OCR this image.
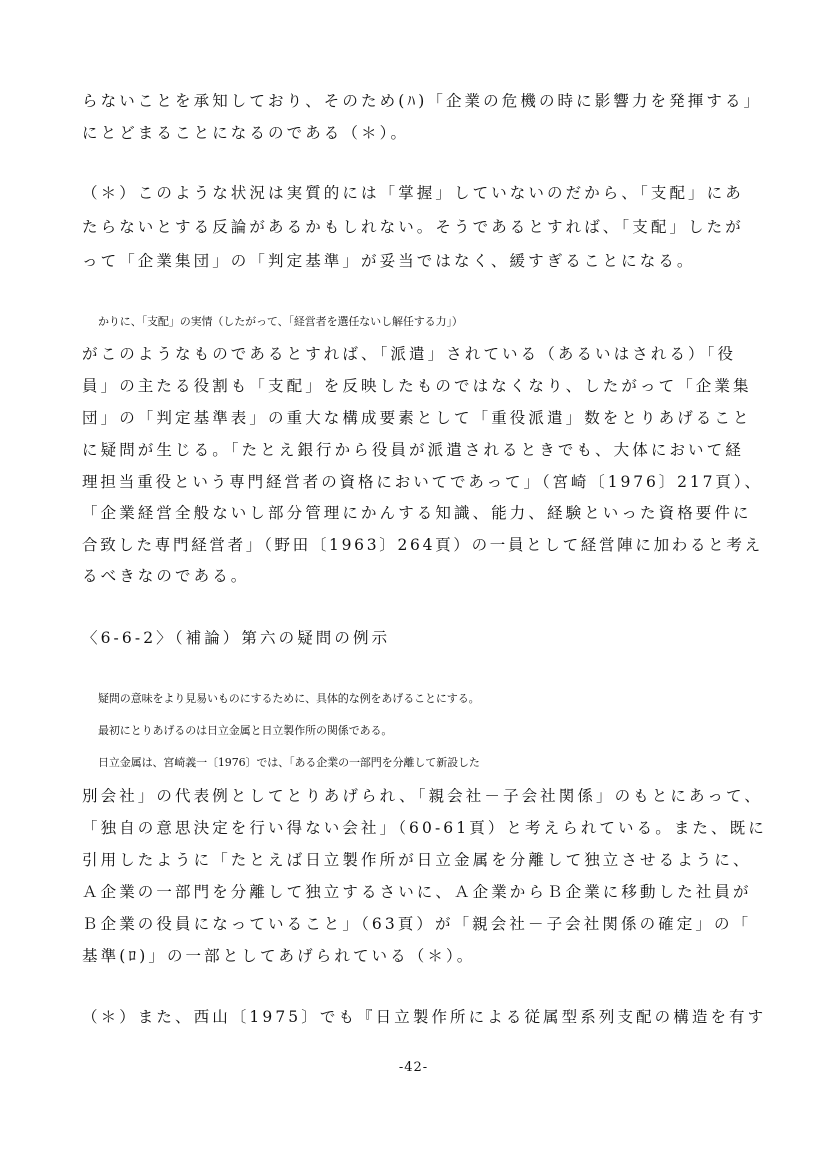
らないことを承知しており、そのため(ﾊ)「企業の危機の時に影響力を発揮する」
にとどまることになるのである（＊）。
（＊）このような状況は実質的には「掌握」していないのだから、「支配」にあ
たらないとする反論があるかもしれない。そうであるとすれば、「支配」したが
って「企業集団」の「判定基準」が妥当ではなく、緩すぎることになる。
かりに、「支配」の実情（したがって、「経営者を選任ないし解任する力」）
がこのようなものであるとすれば、「派遣」されている（あるいはされる）「役
員」の主たる役割も「支配」を反映したものではなくなり、したがって「企業集
団」の「判定基準表」の重大な構成要素として「重役派遣」数をとりあげること
に疑問が生じる。「たとえ銀行から役員が派遣されるときでも、大体において経
理担当重役という専門経営者の資格においてであって」（宮崎〔1976〕217頁）、
「企業経営全般ないし部分管理にかんする知識、能力、経験といった資格要件に
合致した専門経営者」（野田〔1963〕264頁）の一員として経営陣に加わると考え
るべきなのである。
〈6-6-2〉（補論）第六の疑問の例示
疑問の意味をより見易いものにするために、具体的な例をあげることにする。
最初にとりあげるのは日立金属と日立製作所の関係である。
日立金属は、宮崎義一〔1976〕では、「ある企業の一部門を分離して新設した
別会社」の代表例としてとりあげられ、「親会社－子会社関係」のもとにあって、
「独自の意思決定を行い得ない会社」（60-61頁）と考えられている。また、既に
引用したように「たとえば日立製作所が日立金属を分離して独立させるように、
Ａ企業の一部門を分離して独立するさいに、Ａ企業からＢ企業に移動した社員が
Ｂ企業の役員になっていること」（63頁）が「親会社－子会社関係の確定」の「
基準(ﾛ)」の一部としてあげられている（＊）。
（＊）また、西山〔1975〕でも『日立製作所による従属型系列支配の構造を有す
-42-
